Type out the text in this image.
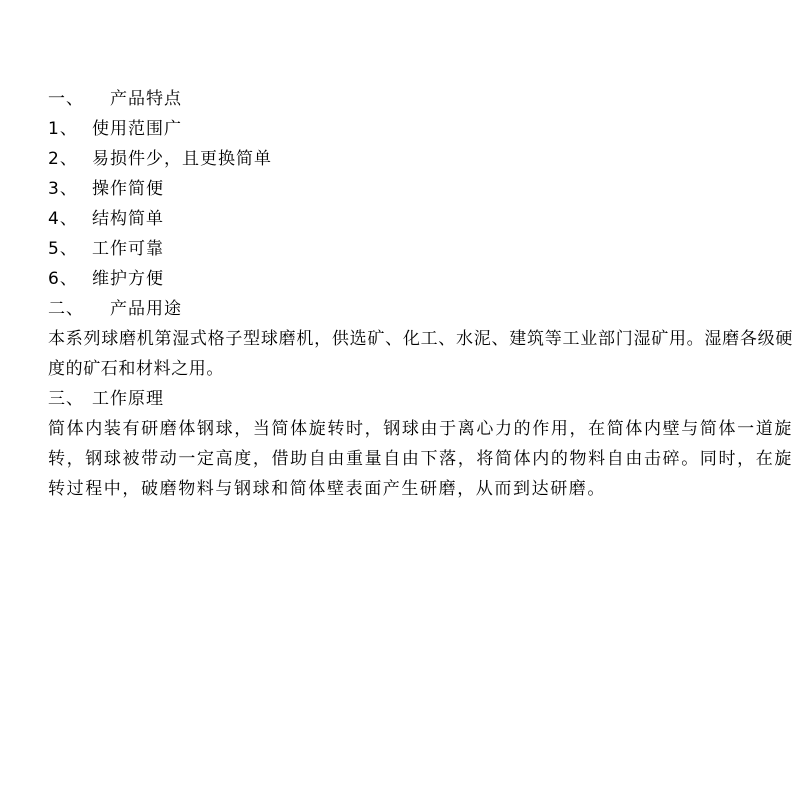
一、	产品特点
1、 使用范围广
2、 易损件少，且更换简单
3、 操作简便
4、 结构简单
5、 工作可靠
6、 维护方便
二、	产品用途
本系列球磨机第湿式格子型球磨机，供选矿、化工、水泥、建筑等工业部门湿矿用。湿磨各级硬度的矿石和材料之用。
三、 工作原理
简体内装有研磨体钢球，当简体旋转时，钢球由于离心力的作用，在简体内壁与简体一道旋转，钢球被带动一定高度，借助自由重量自由下落，将简体内的物料自由击碎。同时，在旋转过程中，破磨物料与钢球和简体壁表面产生研磨，从而到达研磨。
